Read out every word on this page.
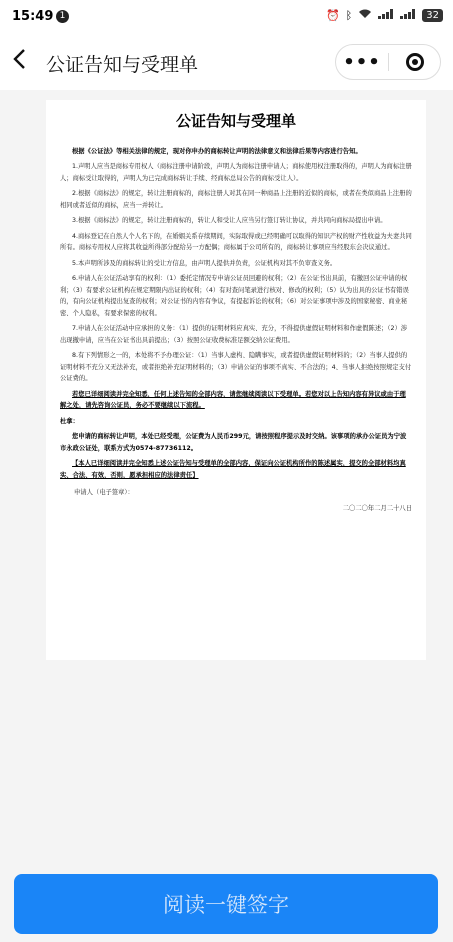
15:49 1	⏰ ᛒ	32
公证告知与受理单	•••
公证告知与受理单

根据《公证法》等相关法律的规定，现对你申办的商标转让声明的法律意义和法律后果等内容进行告知。

1.声明人应当是商标专用权人（商标注册申请阶段，声明人为商标注册申请人；商标使用权注册取得的，声明人为商标注册人；商标受让取得的，声明人为已完成商标转让手续、经商标总局公告的商标受让人）。

2.根据《商标法》的规定，转让注册商标的，商标注册人对其在同一种商品上注册的近似的商标，或者在类似商品上注册的相同或者近似的商标，应当一并转让。

3.根据《商标法》的规定，转让注册商标的，转让人和受让人应当另行签订转让协议，并共同向商标局提出申请。

4.商标登记在自然人个人名下的，在婚姻关系存续期间，实际取得或已经明确可以取得的知识产权的财产性收益为夫妻共同所有。商标专用权人应将其收益所得部分配给另一方配偶；商标属于公司所有的，商标转让事项应当经股东会决议通过。

5.本声明所涉及的商标转让的受让方信息，由声明人提供并负责，公证机构对其不负审查义务。

6.申请人在公证活动享有的权利：（1）委托定情况专申请公证员回避的权利；（2）在公证书出具前，有撤回公证申请的权利；（3）有要求公证机构在规定期限内出证的权利；（4）有对查问笔录进行核对、修改的权利；（5）认为出具的公证书有错误的，有向公证机构提出复查的权利；对公证书的内容有争议，有提起诉讼的权利；（6）对公证事项中涉及的国家秘密、商业秘密、个人隐私，有要求保密的权利。

7.申请人在公证活动中应承担的义务：（1）提供的证明材料应真实、充分，不得提供虚假证明材料和作虚假陈述；（2）涉出现撤申请，应当在公证书出具前提出；（3）按照公证收费标准足额交纳公证费用。

8.有下列情形之一的，本处将不予办理公证：（1）当事人虚构、隐瞒事实，或者提供虚假证明材料的；（2）当事人提供的证明材料不充分又无法补充，或者拒绝补充证明材料的；（3）申请公证的事项不真实、不合法的；4、当事人拒绝按照规定支付公证费的。

若您已详细阅读并完全知悉，任何上述告知的全部内容，请您继续阅读以下受理单。若您对以上告知内容有异议或由于理解之处，请先咨询公证员，务必不要继续以下流程。

杜拿：

您申请的商标转让声明，本处已经受理，公证费为人民币299元，请按照程序提示及时交纳。该事项的承办公证员为宁波市永政公证处，联系方式为0574-87736112。

【本人已详细阅读并完全知悉上述公证告知与受理单的全部内容，保证向公证机构所作的陈述属实，提交的全部材料均真实、合法、有效，否则，愿承担相应的法律责任】

申请人（电子签章）：

二〇二〇年二月二十八日

阅读一键签字
